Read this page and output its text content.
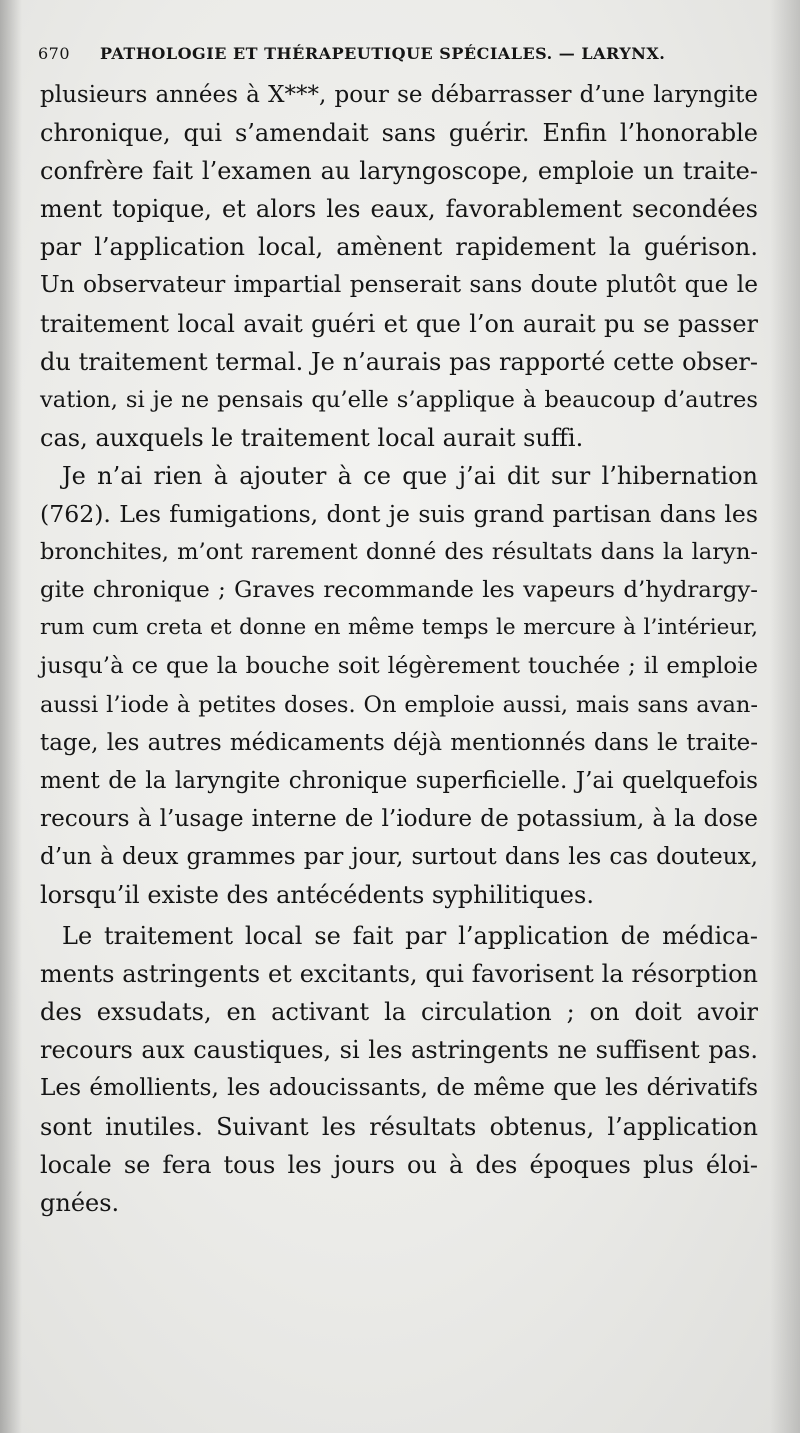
670 PATHOLOGIE ET THÉRAPEUTIQUE SPÉCIALES. — LARYNX.
plusieurs années à X***, pour se débarrasser d’une laryngite
chronique, qui s’amendait sans guérir. Enfin l’honorable
confrère fait l’examen au laryngoscope, emploie un traite-
ment topique, et alors les eaux, favorablement secondées
par l’application local, amènent rapidement la guérison.
Un observateur impartial penserait sans doute plutôt que le
traitement local avait guéri et que l’on aurait pu se passer
du traitement termal. Je n’aurais pas rapporté cette obser-
vation, si je ne pensais qu’elle s’applique à beaucoup d’autres
cas, auxquels le traitement local aurait suffi.
Je n’ai rien à ajouter à ce que j’ai dit sur l’hibernation
(762). Les fumigations, dont je suis grand partisan dans les
bronchites, m’ont rarement donné des résultats dans la laryn-
gite chronique ; Graves recommande les vapeurs d’hydrargy-
rum cum creta et donne en même temps le mercure à l’intérieur,
jusqu’à ce que la bouche soit légèrement touchée ; il emploie
aussi l’iode à petites doses. On emploie aussi, mais sans avan-
tage, les autres médicaments déjà mentionnés dans le traite-
ment de la laryngite chronique superficielle. J’ai quelquefois
recours à l’usage interne de l’iodure de potassium, à la dose
d’un à deux grammes par jour, surtout dans les cas douteux,
lorsqu’il existe des antécédents syphilitiques.
Le traitement local se fait par l’application de médica-
ments astringents et excitants, qui favorisent la résorption
des exsudats, en activant la circulation ; on doit avoir
recours aux caustiques, si les astringents ne suffisent pas.
Les émollients, les adoucissants, de même que les dérivatifs
sont inutiles. Suivant les résultats obtenus, l’application
locale se fera tous les jours ou à des époques plus éloi-
gnées.
